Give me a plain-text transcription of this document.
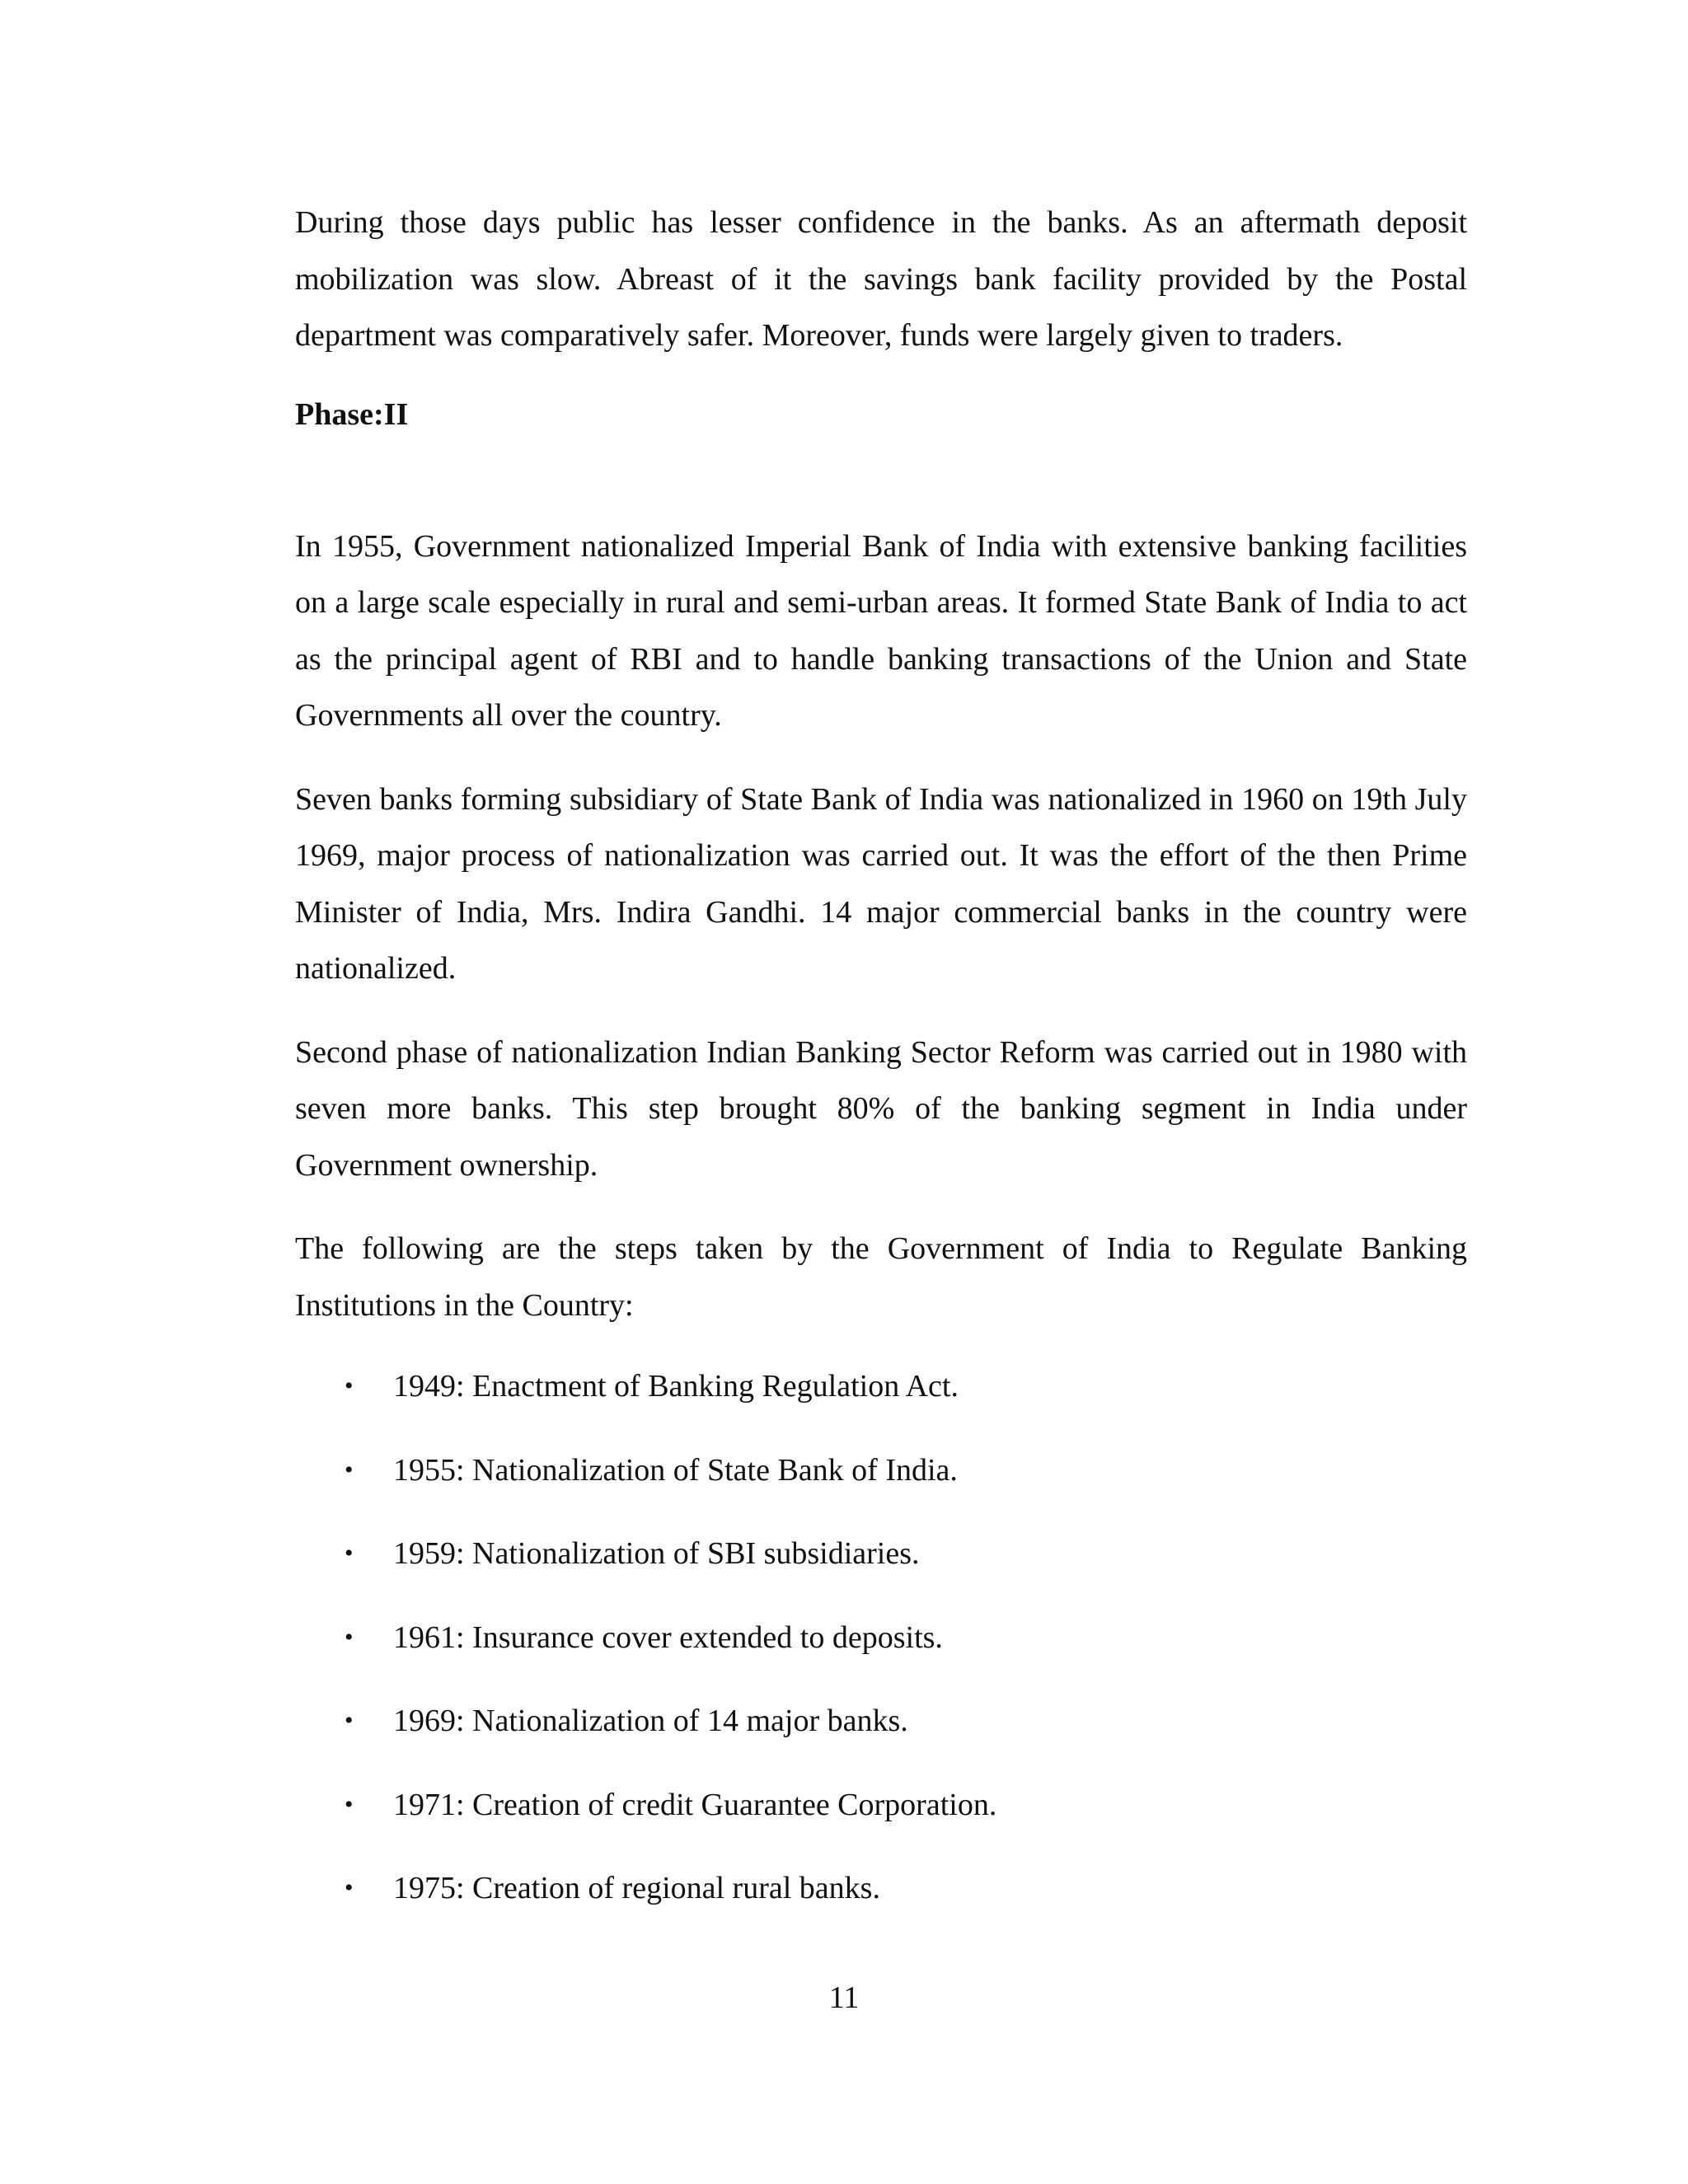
During those days public has lesser confidence in the banks. As an aftermath deposit mobilization was slow. Abreast of it the savings bank facility provided by the Postal department was comparatively safer. Moreover, funds were largely given to traders.

Phase:II

In 1955, Government nationalized Imperial Bank of India with extensive banking facilities on a large scale especially in rural and semi-urban areas. It formed State Bank of India to act as the principal agent of RBI and to handle banking transactions of the Union and State Governments all over the country.

Seven banks forming subsidiary of State Bank of India was nationalized in 1960 on 19th July 1969, major process of nationalization was carried out. It was the effort of the then Prime Minister of India, Mrs. Indira Gandhi. 14 major commercial banks in the country were nationalized.

Second phase of nationalization Indian Banking Sector Reform was carried out in 1980 with seven more banks. This step brought 80% of the banking segment in India under Government ownership.

The following are the steps taken by the Government of India to Regulate Banking Institutions in the Country:

• 1949: Enactment of Banking Regulation Act.
• 1955: Nationalization of State Bank of India.
• 1959: Nationalization of SBI subsidiaries.
• 1961: Insurance cover extended to deposits.
• 1969: Nationalization of 14 major banks.
• 1971: Creation of credit Guarantee Corporation.
• 1975: Creation of regional rural banks.
11
